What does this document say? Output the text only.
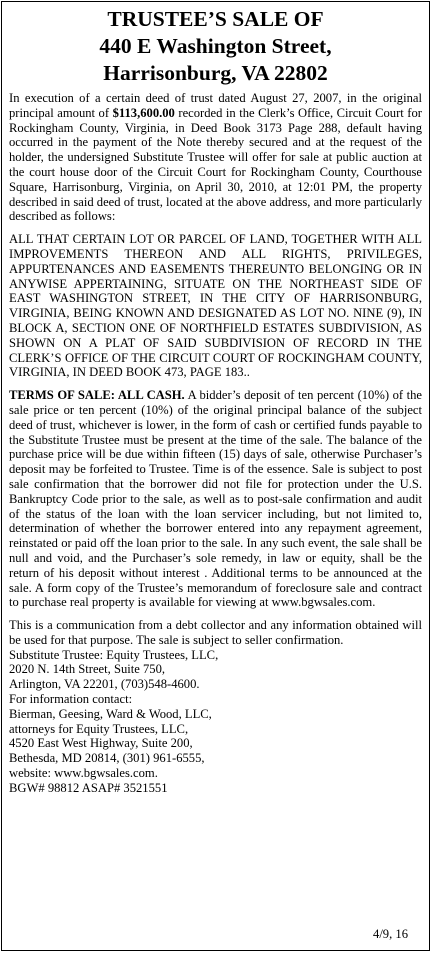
TRUSTEE’S SALE OF
440 E Washington Street,
Harrisonburg, VA 22802

In execution of a certain deed of trust dated August 27, 2007, in the original principal amount of $113,600.00 recorded in the Clerk’s Office, Circuit Court for Rockingham County, Virginia, in Deed Book 3173 Page 288, default having occurred in the payment of the Note thereby secured and at the request of the holder, the undersigned Substitute Trustee will offer for sale at public auction at the court house door of the Circuit Court for Rockingham County, Courthouse Square, Harrisonburg, Virginia, on April 30, 2010, at 12:01 PM, the property described in said deed of trust, located at the above address, and more particularly described as follows:

ALL THAT CERTAIN LOT OR PARCEL OF LAND, TOGETHER WITH ALL IMPROVEMENTS THEREON AND ALL RIGHTS, PRIVILEGES, APPURTENANCES AND EASEMENTS THEREUNTO BELONGING OR IN ANYWISE APPERTAINING, SITUATE ON THE NORTHEAST SIDE OF EAST WASHINGTON STREET, IN THE CITY OF HARRISONBURG, VIRGINIA, BEING KNOWN AND DESIGNATED AS LOT NO. NINE (9), IN BLOCK A, SECTION ONE OF NORTHFIELD ESTATES SUBDIVISION, AS SHOWN ON A PLAT OF SAID SUBDIVISION OF RECORD IN THE CLERK’S OFFICE OF THE CIRCUIT COURT OF ROCKINGHAM COUNTY, VIRGINIA, IN DEED BOOK 473, PAGE 183..

TERMS OF SALE: ALL CASH. A bidder’s deposit of ten percent (10%) of the sale price or ten percent (10%) of the original principal balance of the subject deed of trust, whichever is lower, in the form of cash or certified funds payable to the Substitute Trustee must be present at the time of the sale. The balance of the purchase price will be due within fifteen (15) days of sale, otherwise Purchaser’s deposit may be forfeited to Trustee. Time is of the essence. Sale is subject to post sale confirmation that the borrower did not file for protection under the U.S. Bankruptcy Code prior to the sale, as well as to post-sale confirmation and audit of the status of the loan with the loan servicer including, but not limited to, determination of whether the borrower entered into any repayment agreement, reinstated or paid off the loan prior to the sale. In any such event, the sale shall be null and void, and the Purchaser’s sole remedy, in law or equity, shall be the return of his deposit without interest . Additional terms to be announced at the sale. A form copy of the Trustee’s memorandum of foreclosure sale and contract to purchase real property is available for viewing at www.bgwsales.com.

This is a communication from a debt collector and any information obtained will be used for that purpose. The sale is subject to seller confirmation.

Substitute Trustee: Equity Trustees, LLC,
2020 N. 14th Street, Suite 750,
Arlington, VA 22201, (703)548-4600.
For information contact:
Bierman, Geesing, Ward & Wood, LLC,
attorneys for Equity Trustees, LLC,
4520 East West Highway, Suite 200,
Bethesda, MD 20814, (301) 961-6555,
website: www.bgwsales.com.
BGW# 98812 ASAP# 3521551
4/9, 16
